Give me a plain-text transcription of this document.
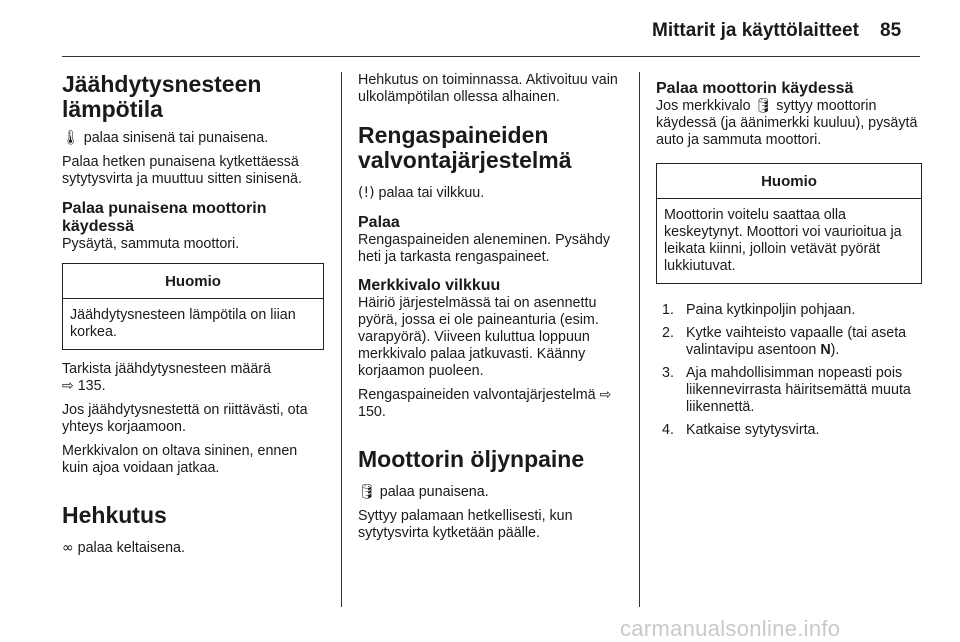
Mittarit ja käyttölaitteet 85
Jäähdytysnesteen lämpötila

🌡 palaa sinisenä tai punaisena.

Palaa hetken punaisena kytkettäessä sytytysvirta ja muuttuu sitten sinisenä.

Palaa punaisena moottorin käydessä

Pysäytä, sammuta moottori.

Huomio
Jäähdytysnesteen lämpötila on liian korkea.

Tarkista jäähdytysnesteen määrä
⇨ 135.

Jos jäähdytysnestettä on riittävästi, ota yhteys korjaamoon.

Merkkivalon on oltava sininen, ennen kuin ajoa voidaan jatkaa.

Hehkutus

∞ palaa keltaisena.

Hehkutus on toiminnassa. Aktivoituu vain ulkolämpötilan ollessa alhainen.

Rengaspaineiden valvontajärjestelmä

(!) palaa tai vilkkuu.

Palaa

Rengaspaineiden aleneminen. Pysähdy heti ja tarkasta rengaspaineet.

Merkkivalo vilkkuu

Häiriö järjestelmässä tai on asennettu pyörä, jossa ei ole paineanturia (esim. varapyörä). Viiveen kuluttua loppuun merkkivalo palaa jatkuvasti. Käänny korjaamon puoleen.

Rengaspaineiden valvontajärjestelmä ⇨ 150.

Moottorin öljynpaine

🛢 palaa punaisena.

Syttyy palamaan hetkellisesti, kun sytytysvirta kytketään päälle.

Palaa moottorin käydessä

Jos merkkivalo 🛢 syttyy moottorin käydessä (ja äänimerkki kuuluu), pysäytä auto ja sammuta moottori.

Huomio
Moottorin voitelu saattaa olla keskeytynyt. Moottori voi vaurioitua ja leikata kiinni, jolloin vetävät pyörät lukkiutuvat.
1. Paina kytkinpoljin pohjaan.
2. Kytke vaihteisto vapaalle (tai aseta valintavipu asentoon N).
3. Aja mahdollisimman nopeasti pois liikennevirrasta häiritsemättä muuta liikennettä.
4. Katkaise sytytysvirta.
carmanualsonline.info
